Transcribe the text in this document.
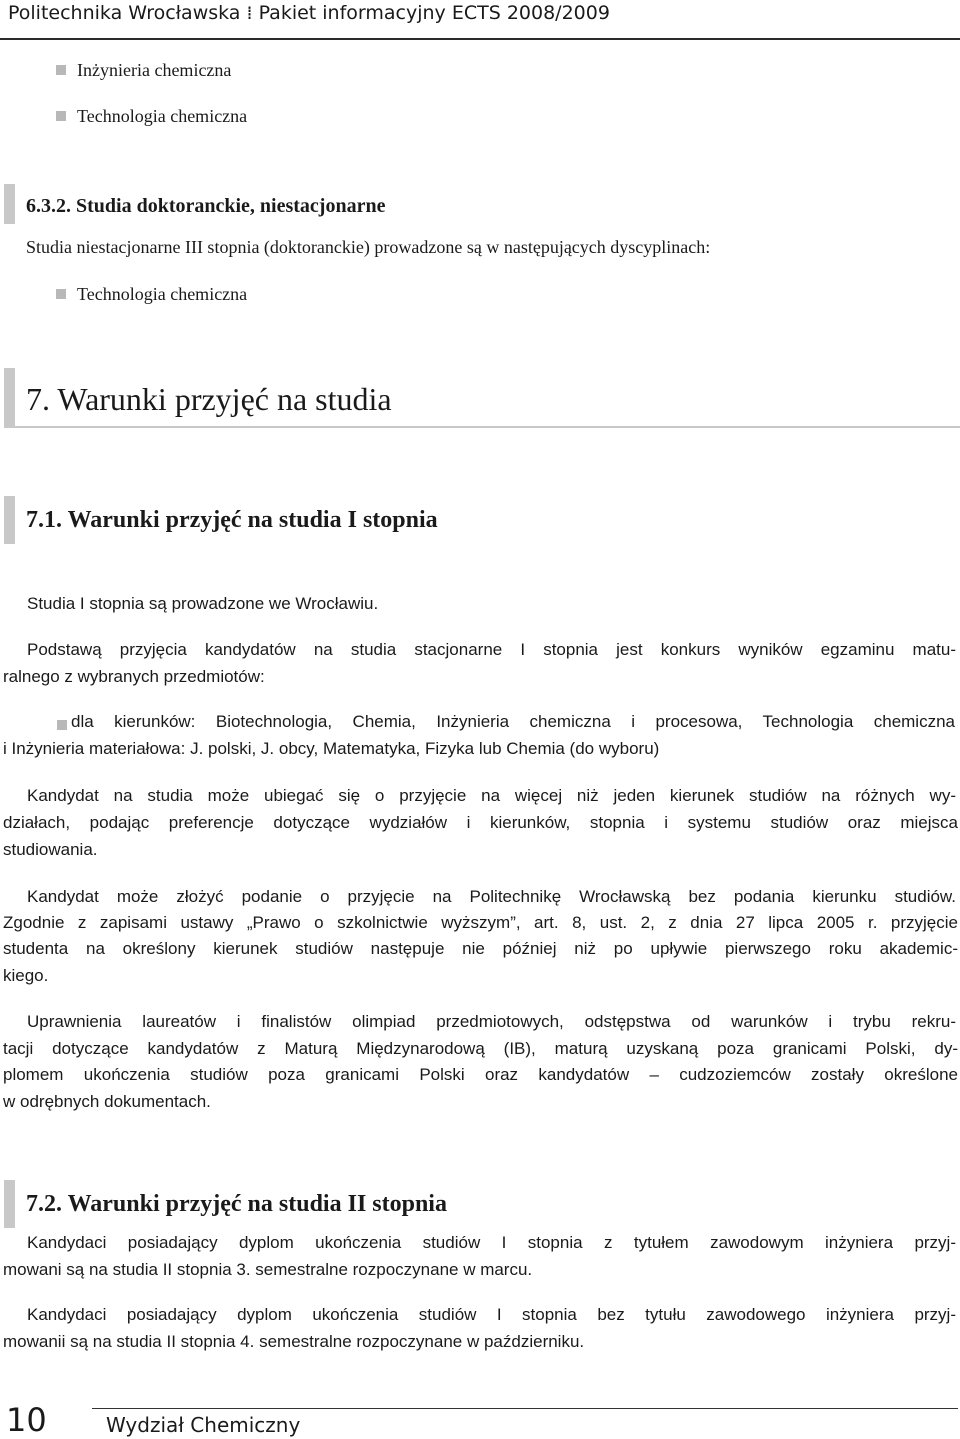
Politechnika Wrocławska ⁞ Pakiet informacyjny ECTS 2008/2009
Inżynieria chemiczna
Technologia chemiczna
6.3.2. Studia doktoranckie, niestacjonarne
Studia niestacjonarne III stopnia (doktoranckie) prowadzone są w następujących dyscyplinach:
Technologia chemiczna
7. Warunki przyjęć na studia
7.1. Warunki przyjęć na studia I stopnia
Studia I stopnia są prowadzone we Wrocławiu.
Podstawą przyjęcia kandydatów na studia stacjonarne I stopnia jest konkurs wyników egzaminu matu-
ralnego z wybranych przedmiotów:
dla kierunków: Biotechnologia, Chemia, Inżynieria chemiczna i procesowa, Technologia chemiczna
i Inżynieria materiałowa: J. polski, J. obcy, Matematyka, Fizyka lub Chemia (do wyboru)
Kandydat na studia może ubiegać się o przyjęcie na więcej niż jeden kierunek studiów na różnych wy-
działach, podając preferencje dotyczące wydziałów i kierunków, stopnia i systemu studiów oraz miejsca
studiowania.
Kandydat może złożyć podanie o przyjęcie na Politechnikę Wrocławską bez podania kierunku studiów.
Zgodnie z zapisami ustawy „Prawo o szkolnictwie wyższym”, art. 8, ust. 2, z dnia 27 lipca 2005 r. przyjęcie
studenta na określony kierunek studiów następuje nie później niż po upływie pierwszego roku akademic-
kiego.
Uprawnienia laureatów i finalistów olimpiad przedmiotowych, odstępstwa od warunków i trybu rekru-
tacji dotyczące kandydatów z Maturą Międzynarodową (IB), maturą uzyskaną poza granicami Polski, dy-
plomem ukończenia studiów poza granicami Polski oraz kandydatów – cudzoziemców zostały określone
w odrębnych dokumentach.
7.2. Warunki przyjęć na studia II stopnia
Kandydaci posiadający dyplom ukończenia studiów I stopnia z tytułem zawodowym inżyniera przyj-
mowani są na studia II stopnia 3. semestralne rozpoczynane w marcu.
Kandydaci posiadający dyplom ukończenia studiów I stopnia bez tytułu zawodowego inżyniera przyj-
mowanii są na studia II stopnia 4. semestralne rozpoczynane w październiku.
10	Wydział Chemiczny
